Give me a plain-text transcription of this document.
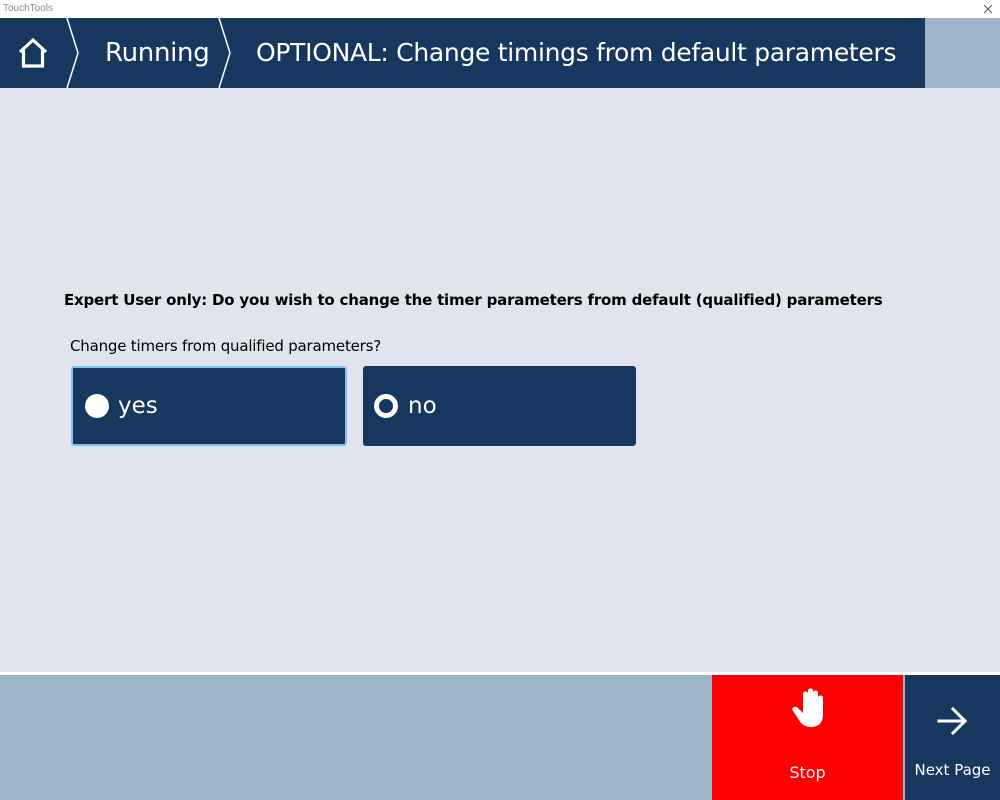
TouchTools
Running OPTIONAL: Change timings from default parameters
Expert User only: Do you wish to change the timer parameters from default (qualified) parameters
Change timers from qualified parameters?
yes	no
Stop	Next Page
